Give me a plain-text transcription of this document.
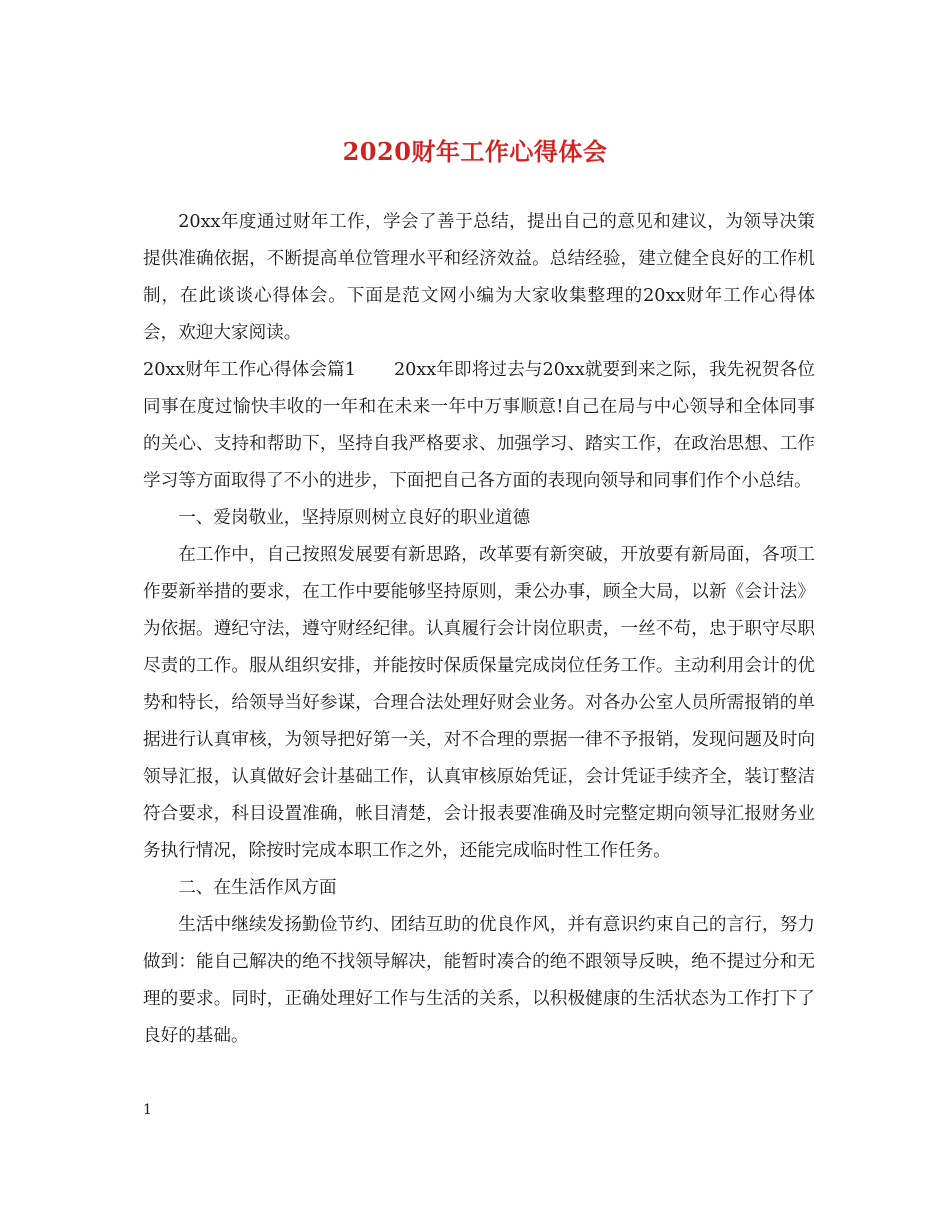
2020财年工作心得体会

20xx年度通过财年工作，学会了善于总结，提出自己的意见和建议，为领导决策提供准确依据，不断提高单位管理水平和经济效益。总结经验，建立健全良好的工作机制，在此谈谈心得体会。下面是范文网小编为大家收集整理的20xx财年工作心得体会，欢迎大家阅读。

20xx财年工作心得体会篇1 20xx年即将过去与20xx就要到来之际，我先祝贺各位同事在度过愉快丰收的一年和在未来一年中万事顺意!自己在局与中心领导和全体同事的关心、支持和帮助下，坚持自我严格要求、加强学习、踏实工作，在政治思想、工作学习等方面取得了不小的进步，下面把自己各方面的表现向领导和同事们作个小总结。

一、爱岗敬业，坚持原则树立良好的职业道德

在工作中，自己按照发展要有新思路，改革要有新突破，开放要有新局面，各项工作要新举措的要求，在工作中要能够坚持原则，秉公办事，顾全大局，以新《会计法》为依据。遵纪守法，遵守财经纪律。认真履行会计岗位职责，一丝不苟，忠于职守尽职尽责的工作。服从组织安排，并能按时保质保量完成岗位任务工作。主动利用会计的优势和特长，给领导当好参谋，合理合法处理好财会业务。对各办公室人员所需报销的单据进行认真审核，为领导把好第一关，对不合理的票据一律不予报销，发现问题及时向领导汇报，认真做好会计基础工作，认真审核原始凭证，会计凭证手续齐全，装订整洁符合要求，科目设置准确，帐目清楚，会计报表要准确及时完整定期向领导汇报财务业务执行情况，除按时完成本职工作之外，还能完成临时性工作任务。

二、在生活作风方面

生活中继续发扬勤俭节约、团结互助的优良作风，并有意识约束自己的言行，努力做到：能自己解决的绝不找领导解决，能暂时凑合的绝不跟领导反映，绝不提过分和无理的要求。同时，正确处理好工作与生活的关系，以积极健康的生活状态为工作打下了良好的基础。

1
